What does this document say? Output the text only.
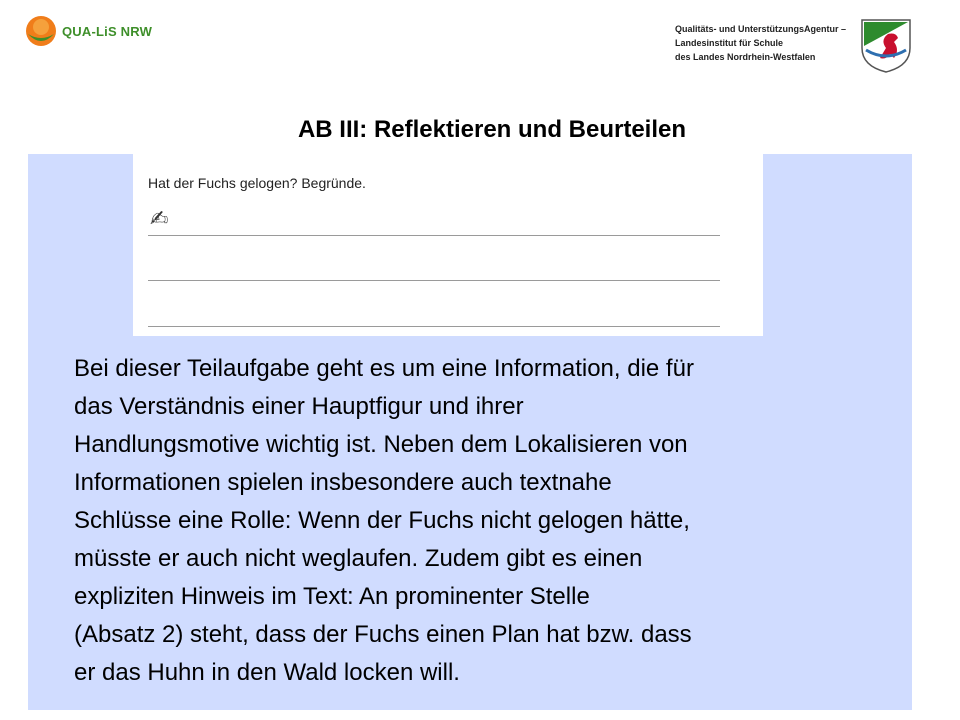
QUA-LiS NRW	Qualitäts- und UnterstützungsAgentur –
Landesinstitut für Schule
des Landes Nordrhein-Westfalen
AB III: Reflektieren und Beurteilen
Hat der Fuchs gelogen? Begründe.
✍
Bei dieser Teilaufgabe geht es um eine Information, die für
das Verständnis einer Hauptfigur und ihrer
Handlungsmotive wichtig ist. Neben dem Lokalisieren von
Informationen spielen insbesondere auch textnahe
Schlüsse eine Rolle: Wenn der Fuchs nicht gelogen hätte,
müsste er auch nicht weglaufen. Zudem gibt es einen
expliziten Hinweis im Text: An prominenter Stelle
(Absatz 2) steht, dass der Fuchs einen Plan hat bzw. dass
er das Huhn in den Wald locken will.
